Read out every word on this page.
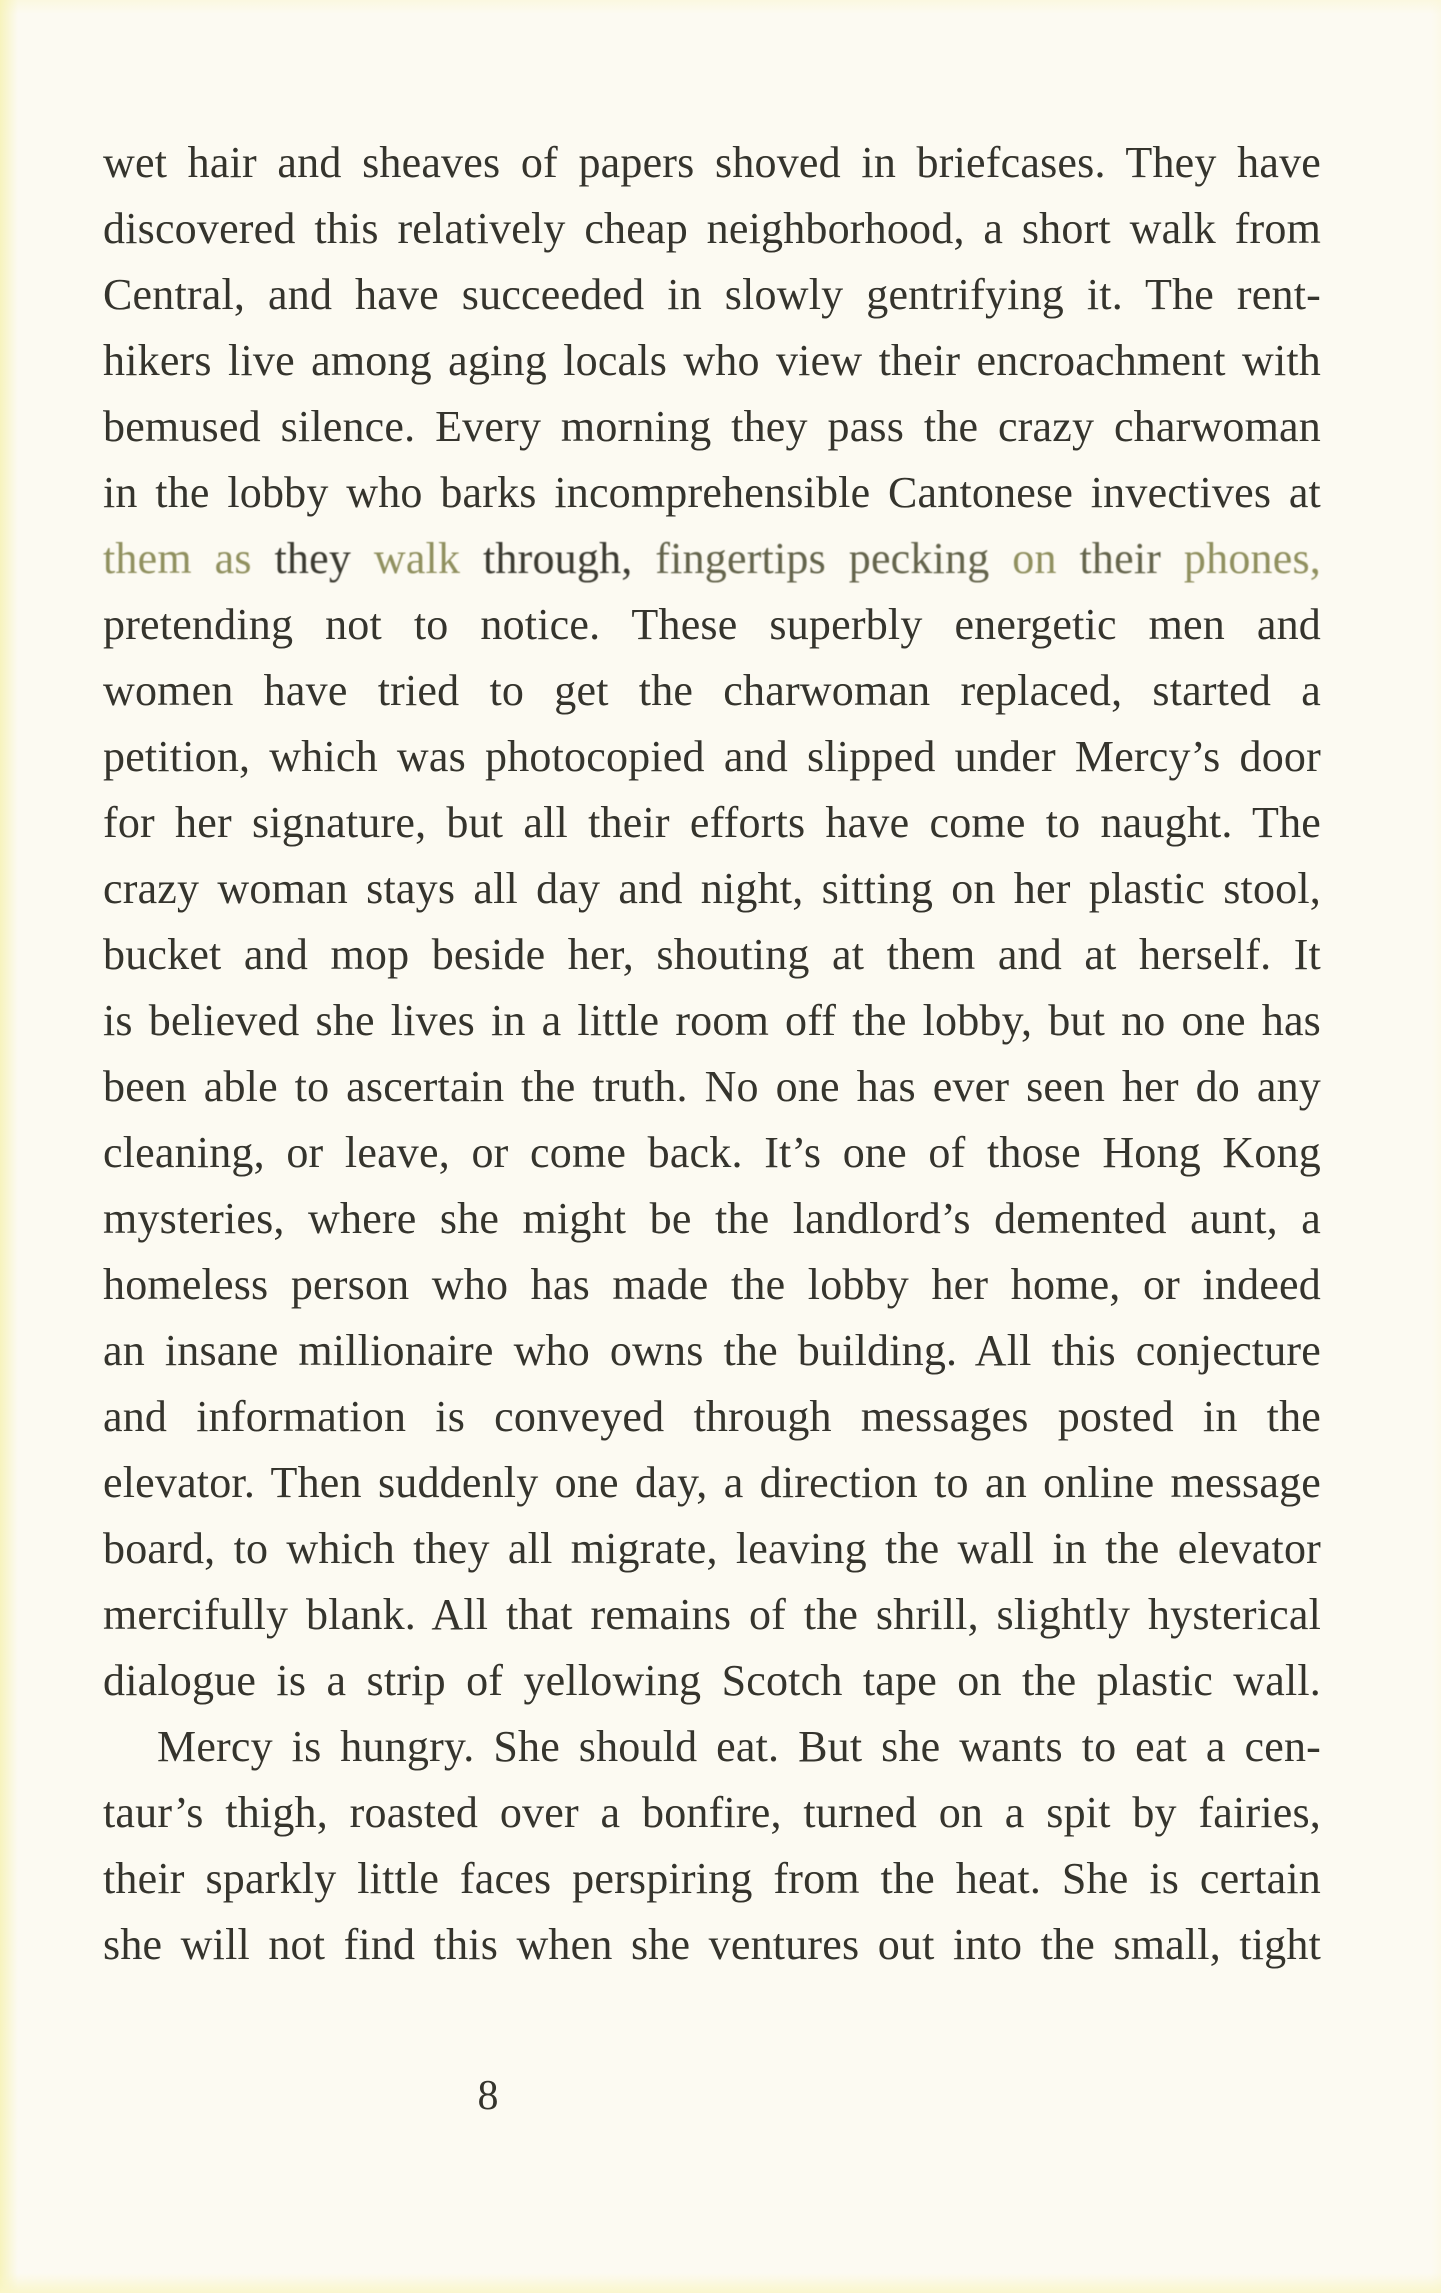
wet hair and sheaves of papers shoved in briefcases. They have
discovered this relatively cheap neighborhood, a short walk from
Central, and have succeeded in slowly gentrifying it. The rent-
hikers live among aging locals who view their encroachment with
bemused silence. Every morning they pass the crazy charwoman
in the lobby who barks incomprehensible Cantonese invectives at
them as they walk through, fingertips pecking on their phones,
pretending not to notice. These superbly energetic men and
women have tried to get the charwoman replaced, started a
petition, which was photocopied and slipped under Mercy’s door
for her signature, but all their efforts have come to naught. The
crazy woman stays all day and night, sitting on her plastic stool,
bucket and mop beside her, shouting at them and at herself. It
is believed she lives in a little room off the lobby, but no one has
been able to ascertain the truth. No one has ever seen her do any
cleaning, or leave, or come back. It’s one of those Hong Kong
mysteries, where she might be the landlord’s demented aunt, a
homeless person who has made the lobby her home, or indeed
an insane millionaire who owns the building. All this conjecture
and information is conveyed through messages posted in the
elevator. Then suddenly one day, a direction to an online message
board, to which they all migrate, leaving the wall in the elevator
mercifully blank. All that remains of the shrill, slightly hysterical
dialogue is a strip of yellowing Scotch tape on the plastic wall.
Mercy is hungry. She should eat. But she wants to eat a cen-
taur’s thigh, roasted over a bonfire, turned on a spit by fairies,
their sparkly little faces perspiring from the heat. She is certain
she will not find this when she ventures out into the small, tight
8
